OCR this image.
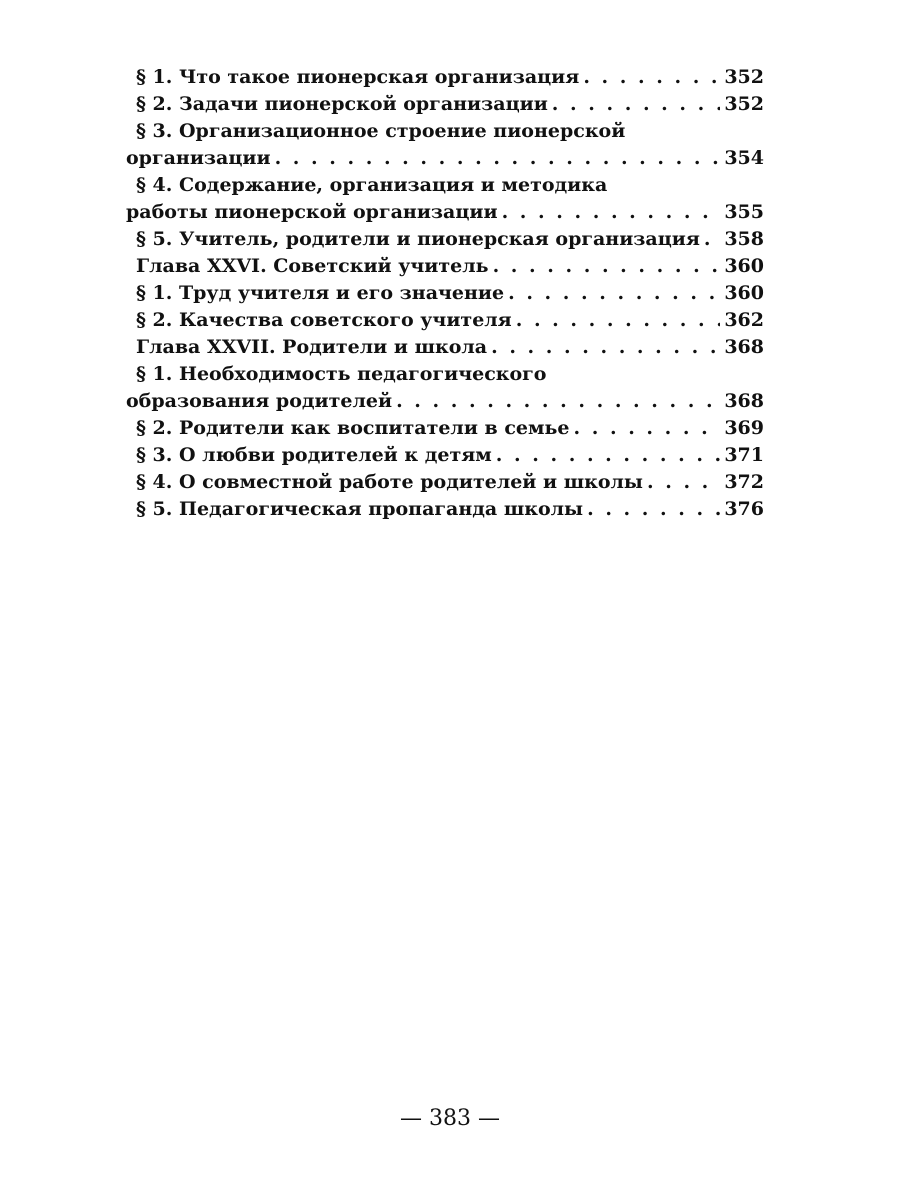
§ 1. Что такое пионерская организация . . .	352
§ 2. Задачи пионерской организации . . .	352
§ 3. Организационное строение пионерской
организации . . .	354
§ 4. Содержание, организация и методика
работы пионерской организации . . .	355
§ 5. Учитель, родители и пионерская организация . . . 358
Глава XXVI. Советский учитель . . .	360
§ 1. Труд учителя и его значение . . .	360
§ 2. Качества советского учителя . . .	362
Глава XXVII. Родители и школа . . .	368
§ 1. Необходимость педагогического
образования родителей . . .	368
§ 2. Родители как воспитатели в семье . . .	369
§ 3. О любви родителей к детям . . .	371
§ 4. О совместной работе родителей и школы . . .	372
§ 5. Педагогическая пропаганда школы . . .	376
— 383 —
